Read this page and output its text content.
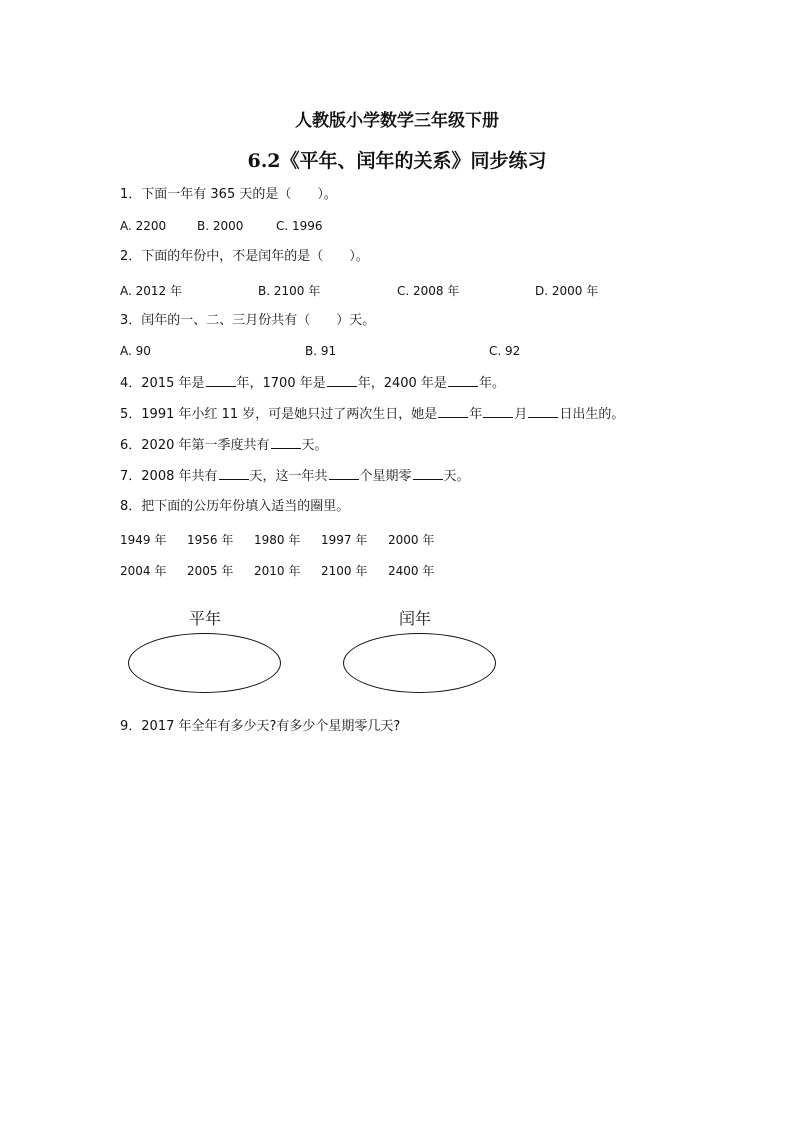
人教版小学数学三年级下册
6.2《平年、闰年的关系》同步练习
1．下面一年有 365 天的是（　　）。
A. 2200	B. 2000	C. 1996
2．下面的年份中，不是闰年的是（　　）。
A. 2012 年	B. 2100 年	C. 2008 年	D. 2000 年
3．闰年的一、二、三月份共有（　　）天。
A. 90	B. 91	C. 92
4．2015 年是 年，1700 年是 年，2400 年是 年。
5．1991 年小红 11 岁，可是她只过了两次生日，她是 年 月 日出生的。
6．2020 年第一季度共有 天。
7．2008 年共有 天，这一年共 个星期零 天。
8．把下面的公历年份填入适当的圈里。
1949 年 1956 年 1980 年 1997 年 2000 年
2004 年 2005 年 2010 年 2100 年 2400 年
平年	闰年
9．2017 年全年有多少天?有多少个星期零几天?
